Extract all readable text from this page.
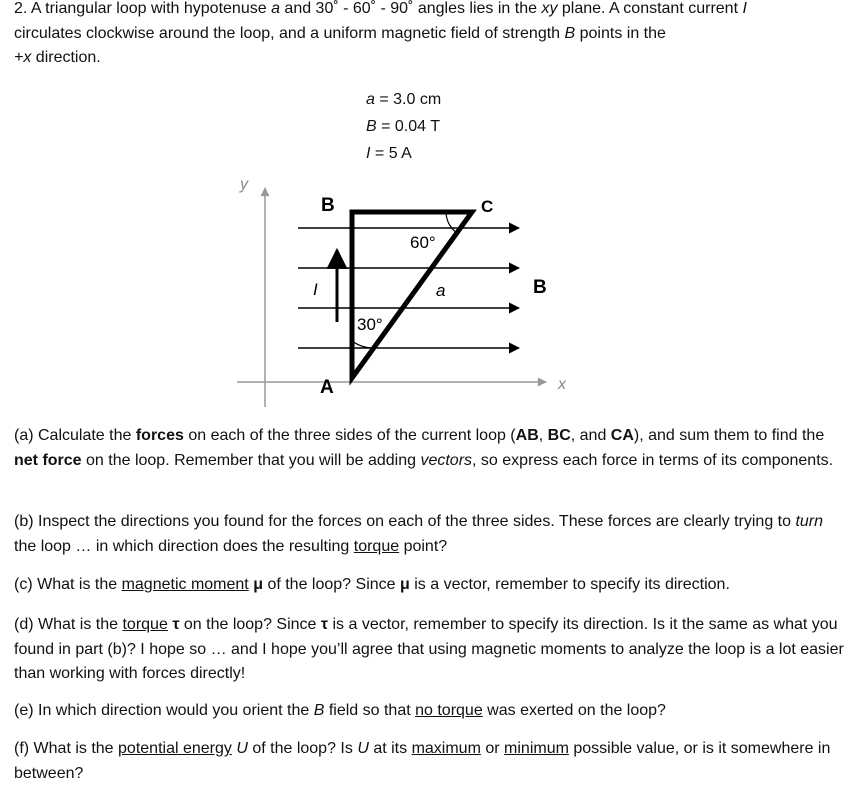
2. A triangular loop with hypotenuse a and 30˚ - 60˚ - 90˚ angles lies in the xy plane. A constant current I
circulates clockwise around the loop, and a uniform magnetic field of strength B points in the
+x direction.
a = 3.0 cm
B = 0.04 T
I = 5 A
y
x
B	C
A
B
I	a
60°
30°
(a) Calculate the forces on each of the three sides of the current loop (AB, BC, and CA), and sum them to find the net force on the loop. Remember that you will be adding vectors, so express each force in terms of its components.
(b) Inspect the directions you found for the forces on each of the three sides. These forces are clearly trying to turn the loop … in which direction does the resulting torque point?
(c) What is the magnetic moment μ of the loop? Since μ is a vector, remember to specify its direction.
(d) What is the torque τ on the loop? Since τ is a vector, remember to specify its direction. Is it the same as what you found in part (b)? I hope so … and I hope you’ll agree that using magnetic moments to analyze the loop is a lot easier than working with forces directly!
(e) In which direction would you orient the B field so that no torque was exerted on the loop?
(f) What is the potential energy U of the loop? Is U at its maximum or minimum possible value, or is it somewhere in between?
